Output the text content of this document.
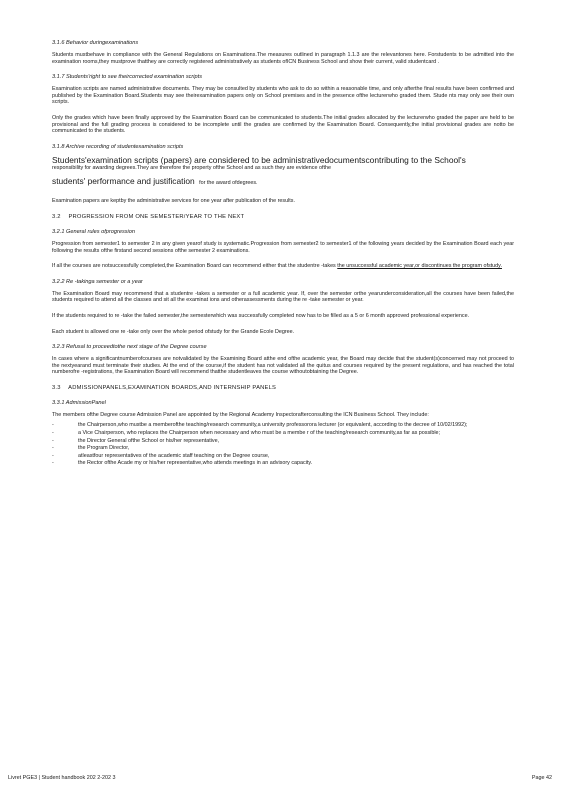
3.1.6 Behavior duringexaminations

Students mustbehave in compliance with the General Regulations on Examinations.The measures outlined in paragraph 1.1.3 are the relevantones here. Forstudents to be admitted into the examination rooms,they mustprove thatthey are correctly registered administratively as students ofICN Business School and show their current, valid studentcard .

3.1.7 Students'right to see theircorrected examination scripts

Examination scripts are named administrative documents. They may be consulted by students who ask to do so within a reasonable time, and only afterthe final results have been confirmed and published by the Examination Board.Students may see theirexamination papers only on School premises and in the presence ofthe lecturerwho graded them. Stude nts may only see their own scripts.

Only the grades which have been finally approved by the Examination Board can be communicated to students.The initial grades allocated by the lecturerwho graded the paper are held to be provisional and the full grading process is considered to be incomplete until the grades are confirmed by the Examination Board. Consequently,the initial provisional grades are notto be communicated to the students.

3.1.8 Archive recording of studentexamination scripts
Students'examination scripts (papers) are considered to be administrativedocumentscontributing to the School's
responsibility for awarding degrees.They are therefore the property ofthe School and as such they are evidence ofthe
students' performance and justification for the award ofdegrees.

Examination papers are keptby the administrative services for one year after publication of the results.

3.2 PROGRESSION FROM ONE SEMESTER/YEAR TO THE NEXT
3.2.1 General rules ofprogression

Progression from semester1 to semester 2 in any given yearof study is systematic.Progression from semester2 to semester1 of the following years decided by the Examination Board each year following the results ofthe firstand second sessions ofthe semester 2 examinations.

If all the courses are notsuccessfully completed,the Examination Board can recommend either that the studentre -takes the unsuccessful academic year,or discontinues the program ofstudy.

3.2.2 Re -takinga semester or a year

The Examination Board may recommend that a studentre -takes a semester or a full academic year. If, over the semester orthe yearunderconsideration,all the courses have been failed,the students required to attend all the classes and sit all the examinat ions and otherassessments during the re -take semester or year.

If the students required to re -take the failed semester,the semesterwhich was successfully completed now has to be filled as a 5 or 6 month approved professional experience.

Each student is allowed one re -take only over the whole period ofstudy for the Grande Ecole Degree.

3.2.3 Refusal to proceedtothe next stage of the Degree course

In cases where a significantnumberofcourses are notvalidated by the Examining Board atthe end ofthe academic year, the Board may decide that the student(s)concerned may not proceed to the nextyearand must terminate their studies. At the end of the course,if the student has not validated all the quitus and courses required by the present regulations, and has reached the total numberofre -registrations, the Examination Board will recommend thatthe studentleaves the course withoutobtaining the Degree.

3.3 ADMISSIONPANELS,EXAMINATION BOARDS,AND INTERNSHIP PANELS
3.3.1 AdmissionPanel

The members ofthe Degree course Admission Panel are appointed by the Regional Academy Inspectorafterconsulting the ICN Business School. They include:

- the Chairperson,who mustbe a memberofthe teaching/research community,a university professorora lecturer (or equivalent, according to the decree of 10/02/1992);
- a Vice Chairperson, who replaces the Chairperson when necessary and who must be a membe r of the teaching/research community,as far as possible;
- the Director General ofthe School or his/her representative,
- the Program Director,
- atleastfour representatives of the academic staff teaching on the Degree course,
- the Rector ofthe Acade my or his/her representative,who attends meetings in an advisory capacity.
Livret PGE3 | Student handbook 202 2-202 3	Page 42
